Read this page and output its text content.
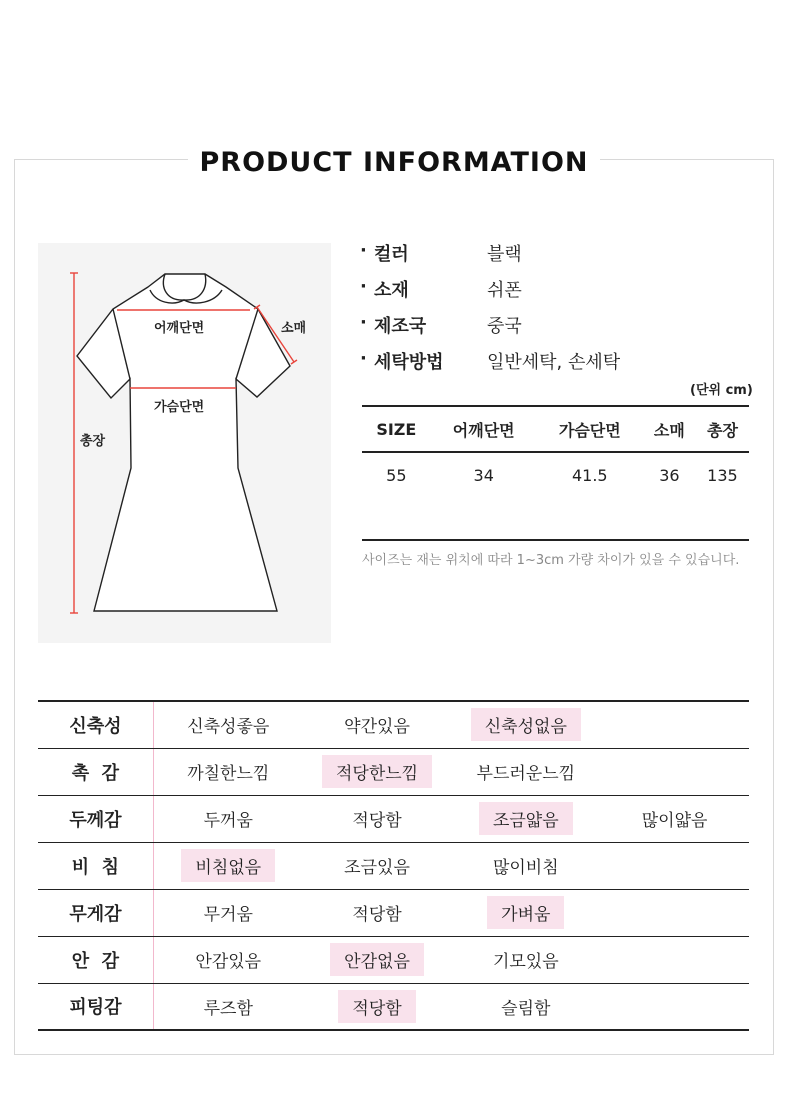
PRODUCT INFORMATION
어깨단면	소매
가슴단면
총장
· 컬러	블랙
· 소재	쉬폰
· 제조국	중국
· 세탁방법 일반세탁, 손세탁
(단위 cm)
SIZE	어깨단면	가슴단면	소매	총장
55	34	41.5	36	135
사이즈는 재는 위치에 따라 1~3cm 가량 차이가 있을 수 있습니다.
신축성	신축성좋음	약간있음	신축성없음	
촉  감	까칠한느낌	적당한느낌	부드러운느낌	
두께감	두꺼움	적당함	조금얇음	많이얇음
비  침	비침없음	조금있음	많이비침	
무게감	무거움	적당함	가벼움	
안  감	안감있음	안감없음	기모있음	
피팅감	루즈함	적당함	슬림함	
